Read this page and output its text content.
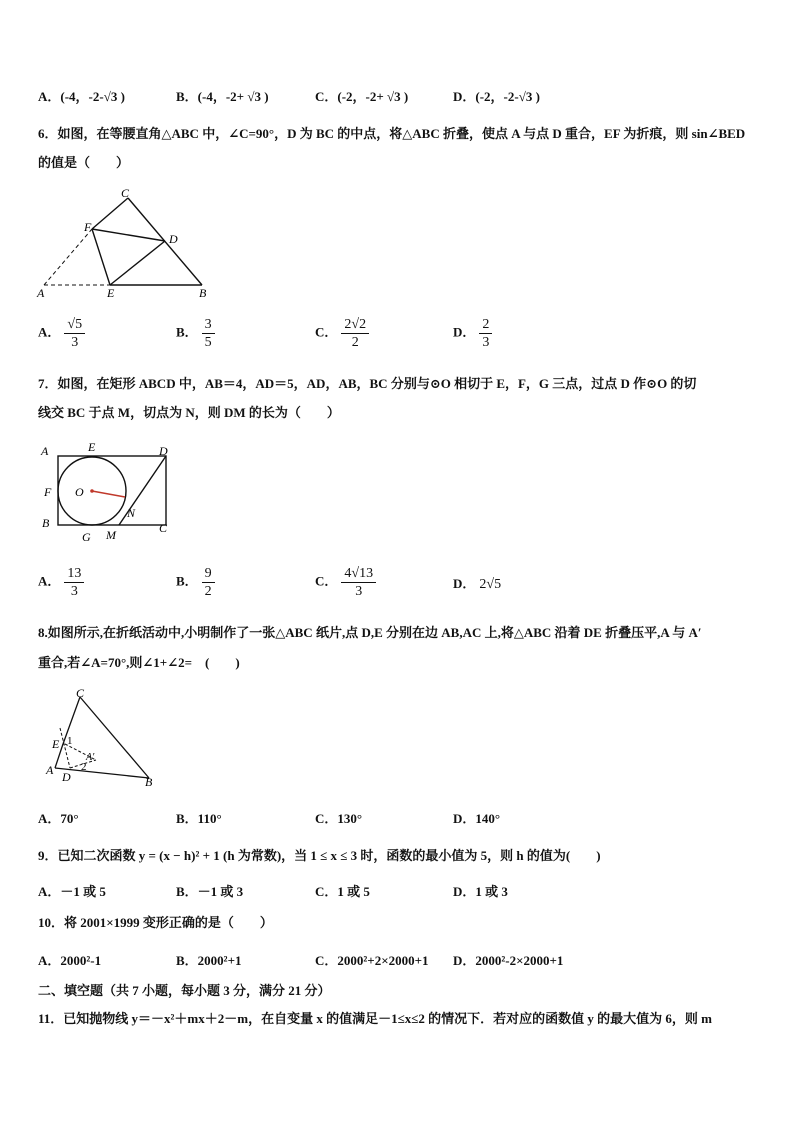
A．(-4，-2-√3 )	B．(-4，-2+ √3 )	C．(-2，-2+ √3 )	D．(-2，-2-√3 )
6．如图，在等腰直角△ABC 中，∠C=90°，D 为 BC 的中点，将△ABC 折叠，使点 A 与点 D 重合，EF 为折痕，则 sin∠BED
的值是（　　）
C
F
D
A	E	B
A． $\frac{√5}{3}$	B． $\frac{3}{5}$	C． $\frac{2√2}{2}$	D． $\frac{2}{3}$
7．如图，在矩形 ABCD 中，AB＝4，AD＝5，AD，AB，BC 分别与⊙O 相切于 E，F，G 三点，过点 D 作⊙O 的切
线交 BC 于点 M，切点为 N，则 DM 的长为（　　）
A	E	D
F O
B
N
C
G M
A． $\frac{13}{3}$	B． $\frac{9}{2}$	C． $\frac{4√13}{3}$	D． 2√5
8.如图所示,在折纸活动中,小明制作了一张△ABC 纸片,点 D,E 分别在边 AB,AC 上,将△ABC 沿着 DE 折叠压平,A 与 A′
重合,若∠A=70°,则∠1+∠2=　(　　)
C
E 1
A′
A	2
D	B
A．70°	B．110°	C．130°	D．140°
9．已知二次函数 y = (x − h)² + 1 (h 为常数)，当 1 ≤ x ≤ 3 时，函数的最小值为 5，则 h 的值为(　　)
A．－1 或 5	B．－1 或 3	C．1 或 5	D．1 或 3
10．将 2001×1999 变形正确的是（　　）
A．2000²-1	B．2000²+1	C．2000²+2×2000+1 D．2000²-2×2000+1
二、填空题（共 7 小题，每小题 3 分，满分 21 分）
11．已知抛物线 y＝－x²＋mx＋2－m，在自变量 x 的值满足－1≤x≤2 的情况下．若对应的函数值 y 的最大值为 6，则 m
